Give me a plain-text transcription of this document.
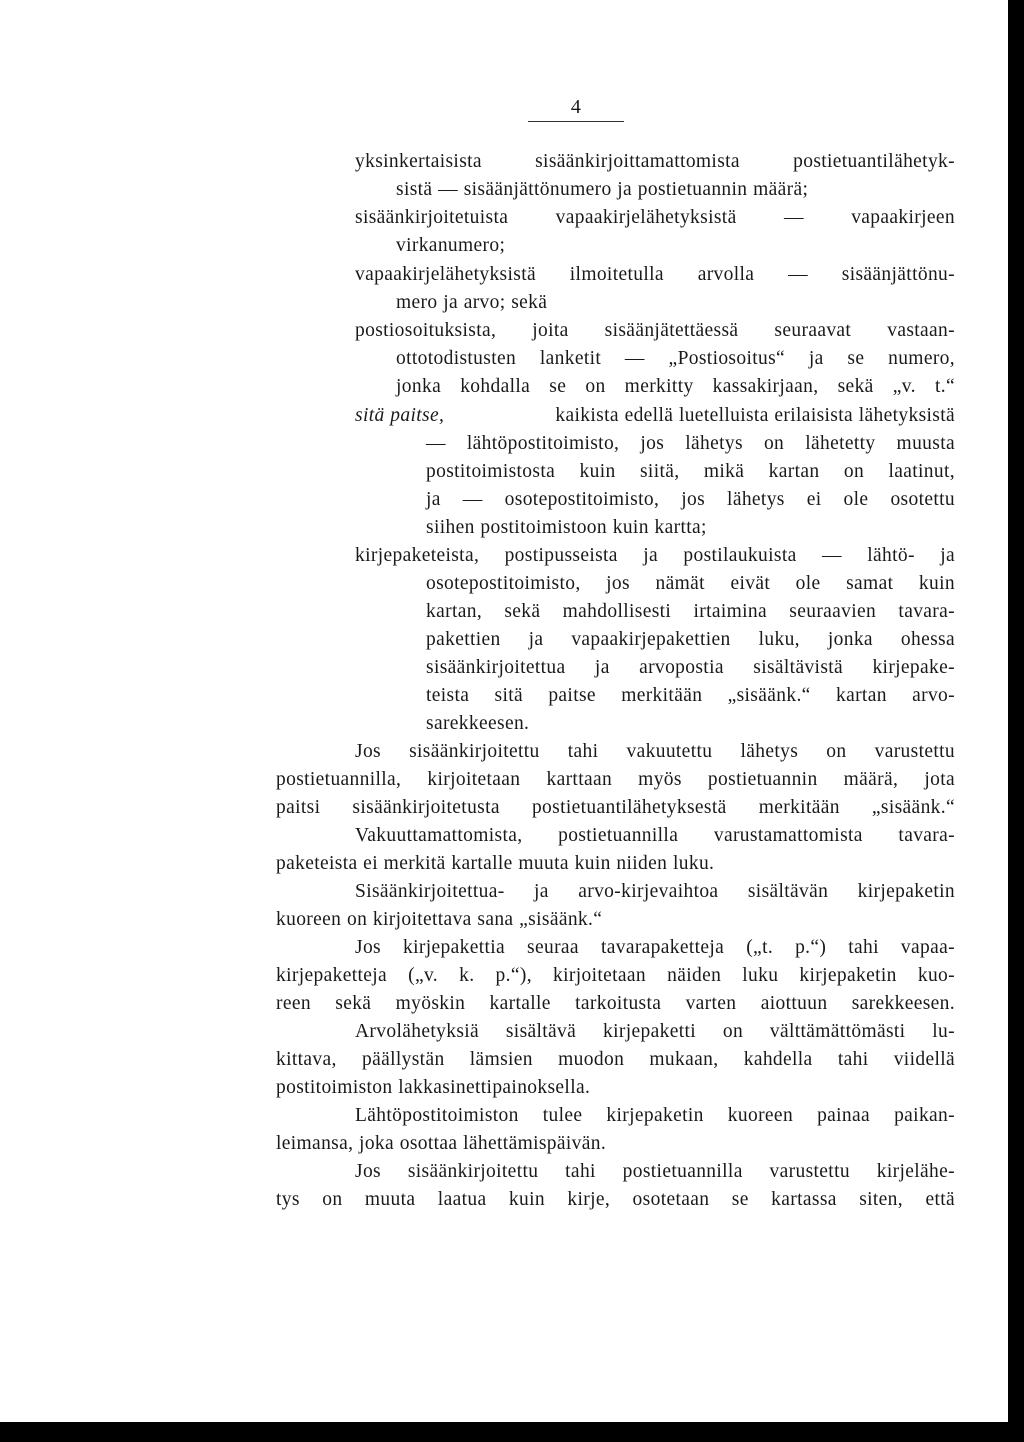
4
yksinkertaisista sisäänkirjoittamattomista postietuantilähetyk-
sistä — sisäänjättönumero ja postietuannin määrä;
sisäänkirjoitetuista vapaakirjelähetyksistä — vapaakirjeen
virkanumero;
vapaakirjelähetyksistä ilmoitetulla arvolla — sisäänjättönu-
mero ja arvo; sekä
postiosoituksista, joita sisäänjätettäessä seuraavat vastaan-
ottotodistusten lanketit — „Postiosoitus“ ja se numero,
jonka kohdalla se on merkitty kassakirjaan, sekä „v. t.“
sitä paitse,	kaikista edellä luetelluista erilaisista lähetyksistä
— lähtöpostitoimisto, jos lähetys on lähetetty muusta
postitoimistosta kuin siitä, mikä kartan on laatinut,
ja — osotepostitoimisto, jos lähetys ei ole osotettu
siihen postitoimistoon kuin kartta;
kirjepaketeista, postipusseista ja postilaukuista — lähtö- ja
osotepostitoimisto, jos nämät eivät ole samat kuin
kartan, sekä mahdollisesti irtaimina seuraavien tavara-
pakettien ja vapaakirjepakettien luku, jonka ohessa
sisäänkirjoitettua ja arvopostia sisältävistä kirjepake-
teista sitä paitse merkitään „sisäänk.“ kartan arvo-
sarekkeesen.
Jos sisäänkirjoitettu tahi vakuutettu lähetys on varustettu
postietuannilla, kirjoitetaan karttaan myös postietuannin määrä, jota
paitsi sisäänkirjoitetusta postietuantilähetyksestä merkitään „sisäänk.“
Vakuuttamattomista, postietuannilla varustamattomista tavara-
paketeista ei merkitä kartalle muuta kuin niiden luku.
Sisäänkirjoitettua- ja arvo-kirjevaihtoa sisältävän kirjepaketin
kuoreen on kirjoitettava sana „sisäänk.“
Jos kirjepakettia seuraa tavarapaketteja („t. p.“) tahi vapaa-
kirjepaketteja („v. k. p.“), kirjoitetaan näiden luku kirjepaketin kuo-
reen sekä myöskin kartalle tarkoitusta varten aiottuun sarekkeesen.
Arvolähetyksiä sisältävä kirjepaketti on välttämättömästi lu-
kittava, päällystän lämsien muodon mukaan, kahdella tahi viidellä
postitoimiston lakkasinettipainoksella.
Lähtöpostitoimiston tulee kirjepaketin kuoreen painaa paikan-
leimansa, joka osottaa lähettämispäivän.
Jos sisäänkirjoitettu tahi postietuannilla varustettu kirjelähe-
tys on muuta laatua kuin kirje, osotetaan se kartassa siten, että
